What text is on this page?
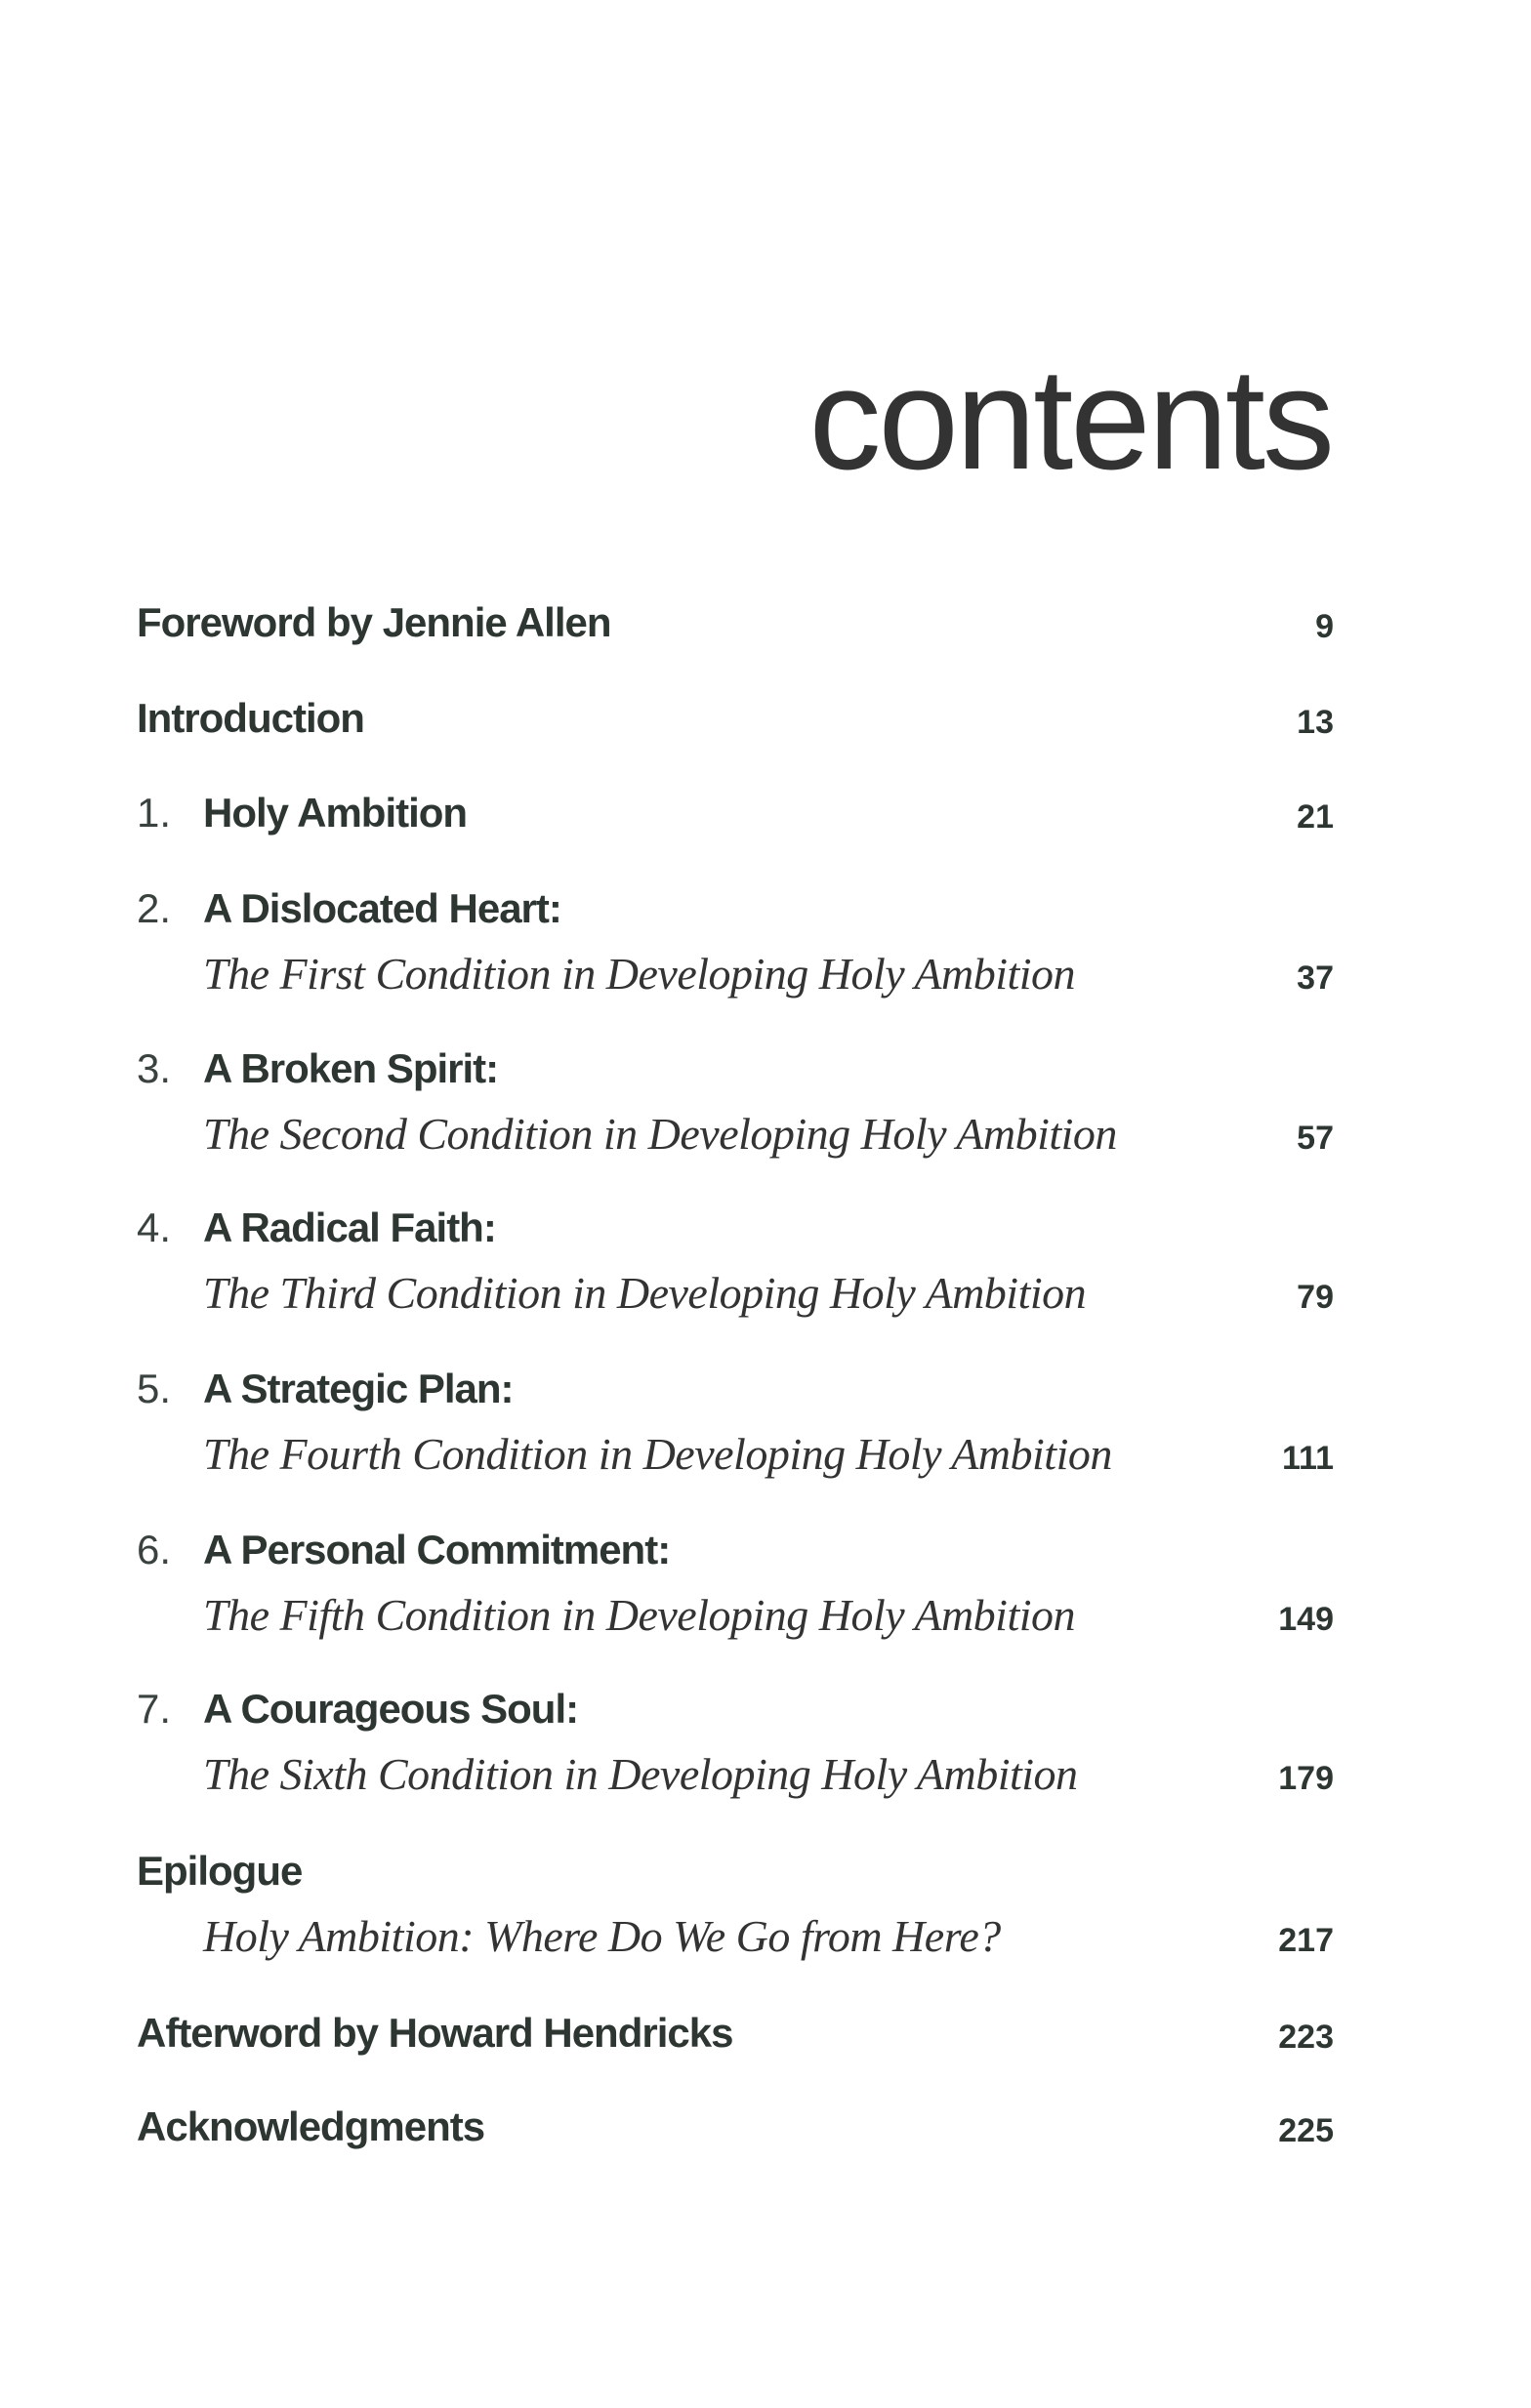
contents
Foreword by Jennie Allen	9
Introduction	13
1. Holy Ambition	21
2. A Dislocated Heart:
The First Condition in Developing Holy Ambition	37
3. A Broken Spirit:
The Second Condition in Developing Holy Ambition	57
4. A Radical Faith:
The Third Condition in Developing Holy Ambition	79
5. A Strategic Plan:
The Fourth Condition in Developing Holy Ambition	111
6. A Personal Commitment:
The Fifth Condition in Developing Holy Ambition	149
7. A Courageous Soul:
The Sixth Condition in Developing Holy Ambition	179
Epilogue
Holy Ambition: Where Do We Go from Here?	217
Afterword by Howard Hendricks	223
Acknowledgments	225
